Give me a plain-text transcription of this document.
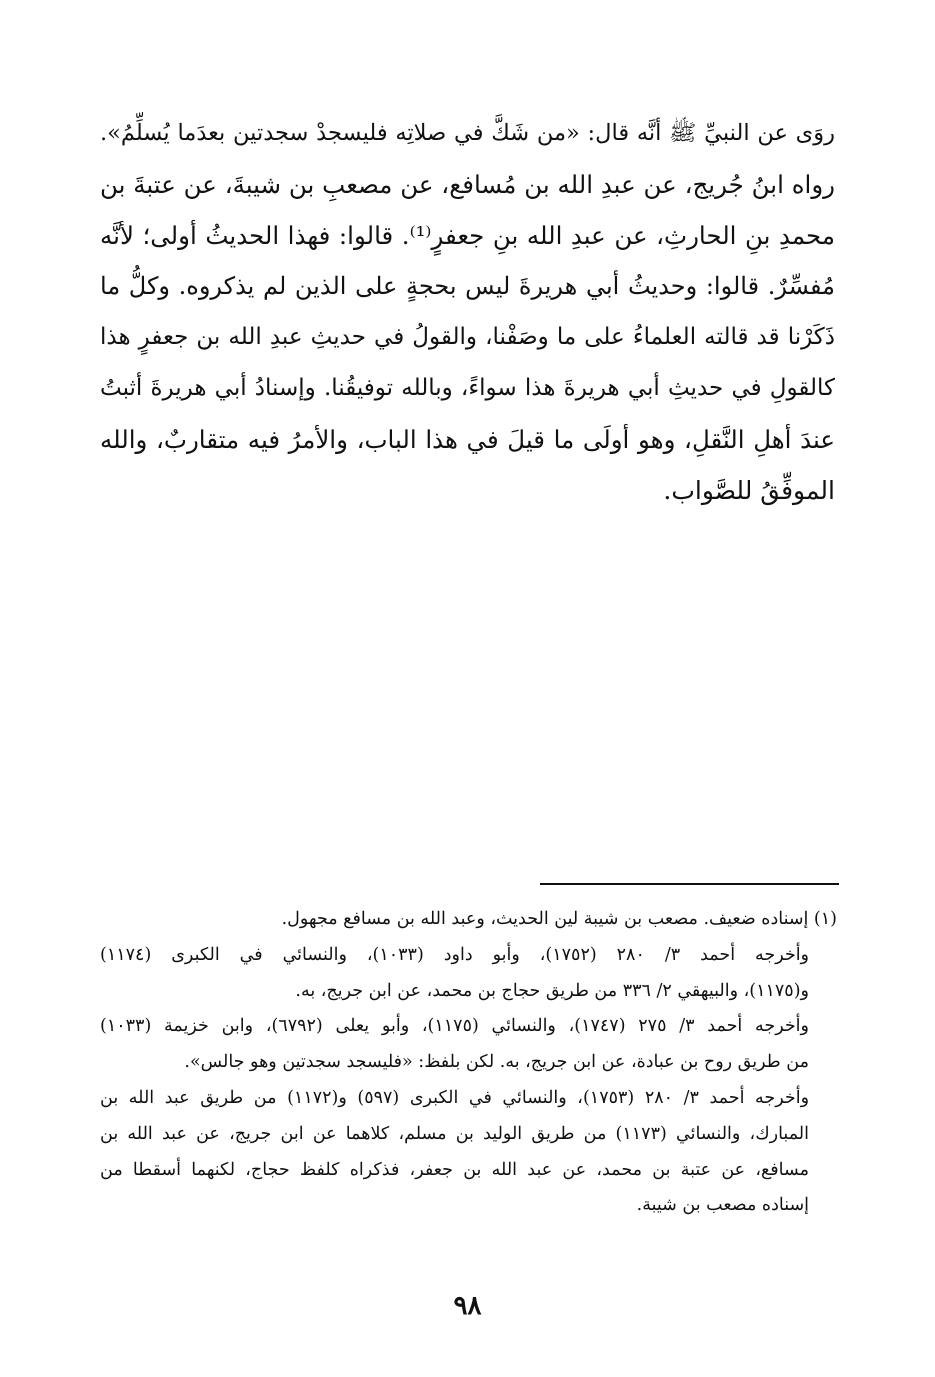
روَى عن النبيِّ ﷺ أنَّه قال: «من شَكَّ في صلاتِه فليسجدْ سجدتين بعدَما يُسلِّمُ».
رواه ابنُ جُريج، عن عبدِ الله بن مُسافع، عن مصعبِ بن شيبةَ، عن عتبةَ بن
محمدِ بنِ الحارثِ، عن عبدِ الله بنِ جعفرٍ⁽¹⁾. قالوا: فهذا الحديثُ أولى؛ لأنَّه
مُفسِّرٌ. قالوا: وحديثُ أبي هريرةَ ليس بحجةٍ على الذين لم يذكروه. وكلُّ ما
ذَكَرْنا قد قالته العلماءُ على ما وصَفْنا، والقولُ في حديثِ عبدِ الله بن جعفرٍ هذا
كالقولِ في حديثِ أبي هريرةَ هذا سواءً، وبالله توفيقُنا. وإسنادُ أبي هريرةَ أثبتُ
عندَ أهلِ النَّقلِ، وهو أولَى ما قيلَ في هذا الباب، والأمرُ فيه متقاربٌ، والله
الموفِّقُ للصَّواب.
(١) إسناده ضعيف. مصعب بن شيبة لين الحديث، وعبد الله بن مسافع مجهول.
وأخرجه أحمد ٣/ ٢٨٠ (١٧٥٢)، وأبو داود (١٠٣٣)، والنسائي في الكبرى (١١٧٤)
و(١١٧٥)، والبيهقي ٢/ ٣٣٦ من طريق حجاج بن محمد، عن ابن جريج، به.
وأخرجه أحمد ٣/ ٢٧٥ (١٧٤٧)، والنسائي (١١٧٥)، وأبو يعلى (٦٧٩٢)، وابن خزيمة (١٠٣٣)
من طريق روح بن عبادة، عن ابن جريج، به. لكن بلفظ: «فليسجد سجدتين وهو جالس».
وأخرجه أحمد ٣/ ٢٨٠ (١٧٥٣)، والنسائي في الكبرى (٥٩٧) و(١١٧٢) من طريق عبد الله بن
المبارك، والنسائي (١١٧٣) من طريق الوليد بن مسلم، كلاهما عن ابن جريج، عن عبد الله بن
مسافع، عن عتبة بن محمد، عن عبد الله بن جعفر، فذكراه كلفظ حجاج، لكنهما أسقطا من
إسناده مصعب بن شيبة.
٩٨
